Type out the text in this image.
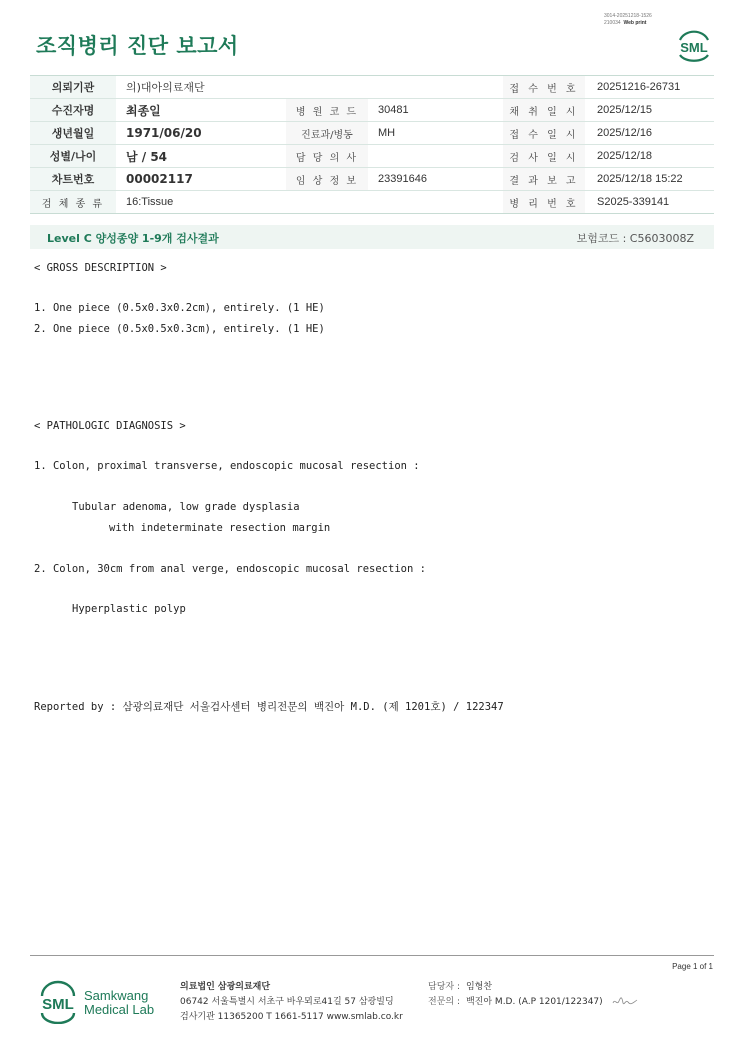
3014-20251218-1526
210034 Web print
조직병리 진단 보고서	SML
의뢰기관	의)대아의료재단			접 수 번 호	20251216-26731
수진자명	최종일	병 원 코 드	30481	채 취 일 시	2025/12/15
생년월일	1971/06/20	진료과/병동	MH	접 수 일 시	2025/12/16
성별/나이	남 / 54	담 당 의 사		검 사 일 시	2025/12/18
차트번호	00002117	임 상 정 보	23391646	결 과 보 고	2025/12/18 15:22
검 체 종 류	16:Tissue			병 리 번 호	S2025-339141
Level C 양성종양 1-9개 검사결과	보험코드 : C5603008Z
< GROSS DESCRIPTION >
1. One piece (0.5x0.3x0.2cm), entirely. (1 HE)
2. One piece (0.5x0.5x0.3cm), entirely. (1 HE)
< PATHOLOGIC DIAGNOSIS >
1. Colon, proximal transverse, endoscopic mucosal resection :
Tubular adenoma, low grade dysplasia
with indeterminate resection margin
2. Colon, 30cm from anal verge, endoscopic mucosal resection :
Hyperplastic polyp
Reported by : 삼광의료재단 서울검사센터 병리전문의 백진아 M.D. (제 1201호) / 122347
Page 1 of 1
SML
Samkwang
Medical Lab
의료법인 삼광의료재단
06742 서울특별시 서초구 바우뫼로41길 57 삼광빌딩
검사기관 11365200 T 1661-5117 www.smlab.co.kr
담당자 : 임형찬
전문의 : 백진아 M.D. (A.P 1201/122347)
